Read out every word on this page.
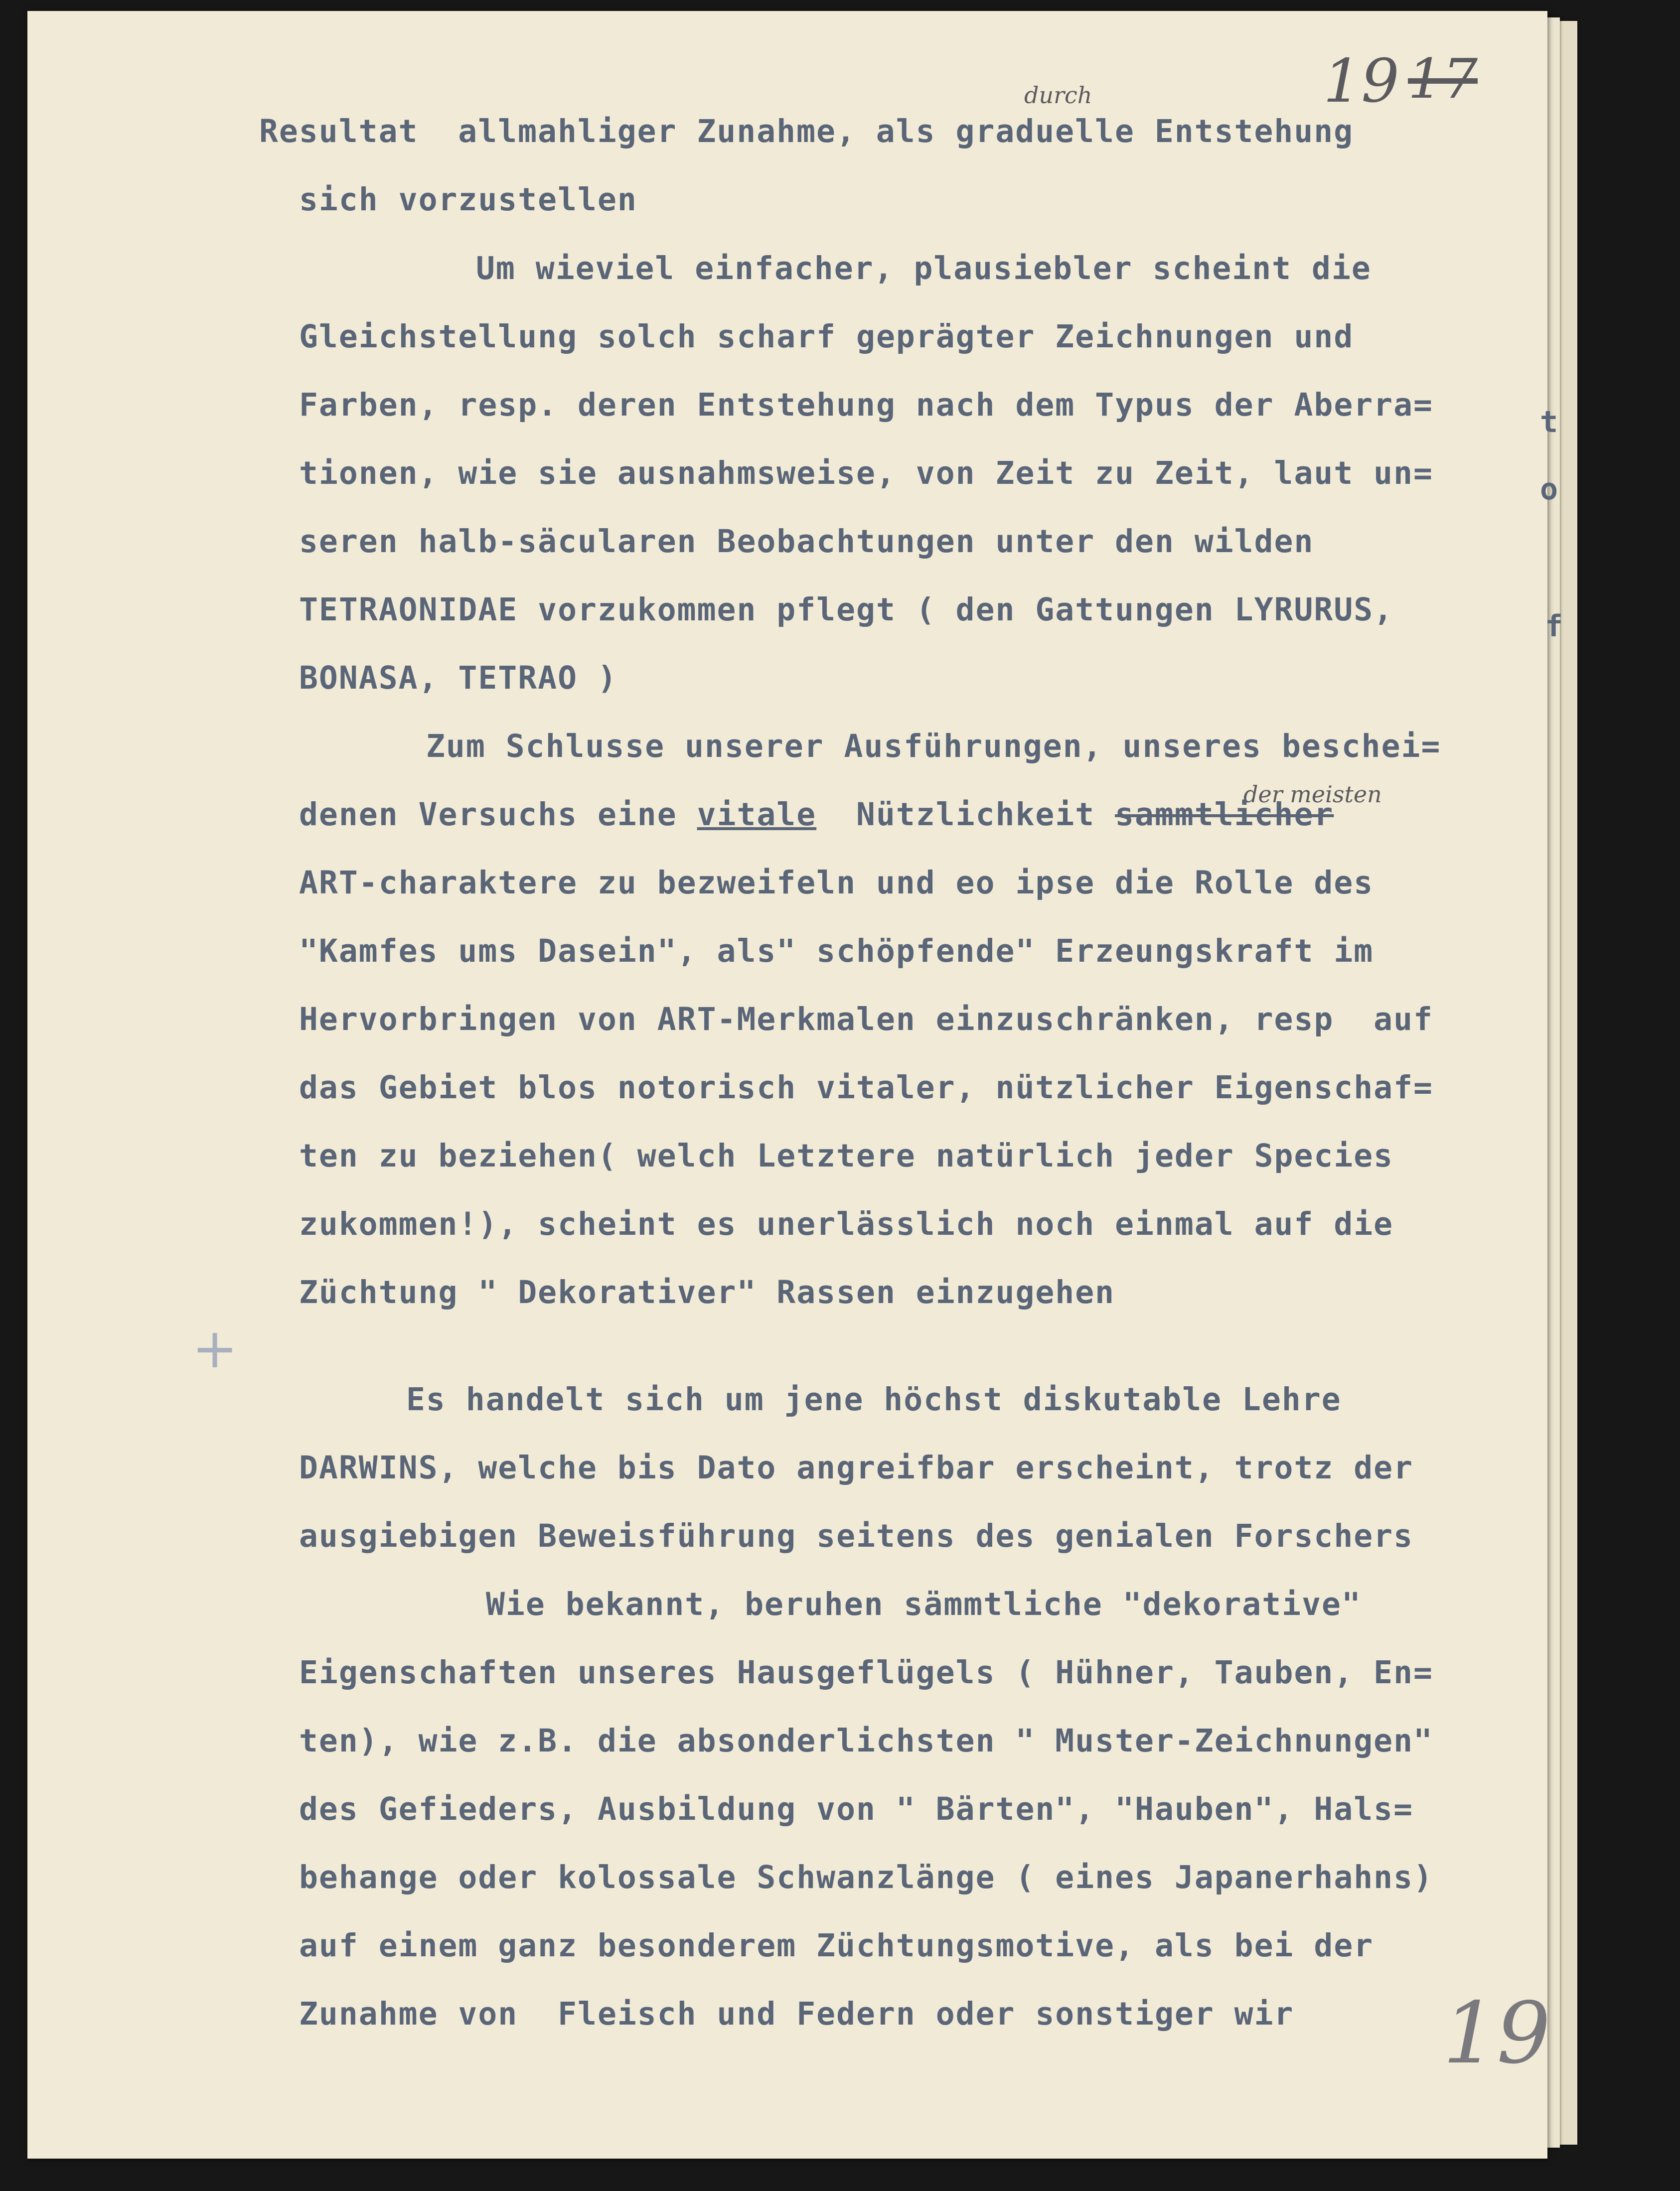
19 17
durch
der meisten
19
t
o
f
+
Resultat  allmahliger Zunahme, als graduelle Entstehung
sich vorzustellen
Um wieviel einfacher, plausiebler scheint die
Gleichstellung solch scharf geprägter Zeichnungen und
Farben, resp. deren Entstehung nach dem Typus der Aberra=
tionen, wie sie ausnahmsweise, von Zeit zu Zeit, laut un=
seren halb-säcularen Beobachtungen unter den wilden
TETRAONIDAE vorzukommen pflegt ( den Gattungen LYRURUS,
BONASA, TETRAO )
Zum Schlusse unserer Ausführungen, unseres beschei=
denen Versuchs eine vitale  Nützlichkeit sammtlicher
ART-charaktere zu bezweifeln und eo ipse die Rolle des
"Kamfes ums Dasein", als" schöpfende" Erzeungskraft im
Hervorbringen von ART-Merkmalen einzuschränken, resp  auf
das Gebiet blos notorisch vitaler, nützlicher Eigenschaf=
ten zu beziehen( welch Letztere natürlich jeder Species
zukommen!), scheint es unerlässlich noch einmal auf die
Züchtung " Dekorativer" Rassen einzugehen
Es handelt sich um jene höchst diskutable Lehre
DARWINS, welche bis Dato angreifbar erscheint, trotz der
ausgiebigen Beweisführung seitens des genialen Forschers
Wie bekannt, beruhen sämmtliche "dekorative"
Eigenschaften unseres Hausgeflügels ( Hühner, Tauben, En=
ten), wie z.B. die absonderlichsten " Muster-Zeichnungen"
des Gefieders, Ausbildung von " Bärten", "Hauben", Hals=
behange oder kolossale Schwanzlänge ( eines Japanerhahns)
auf einem ganz besonderem Züchtungsmotive, als bei der
Zunahme von  Fleisch und Federn oder sonstiger wir
